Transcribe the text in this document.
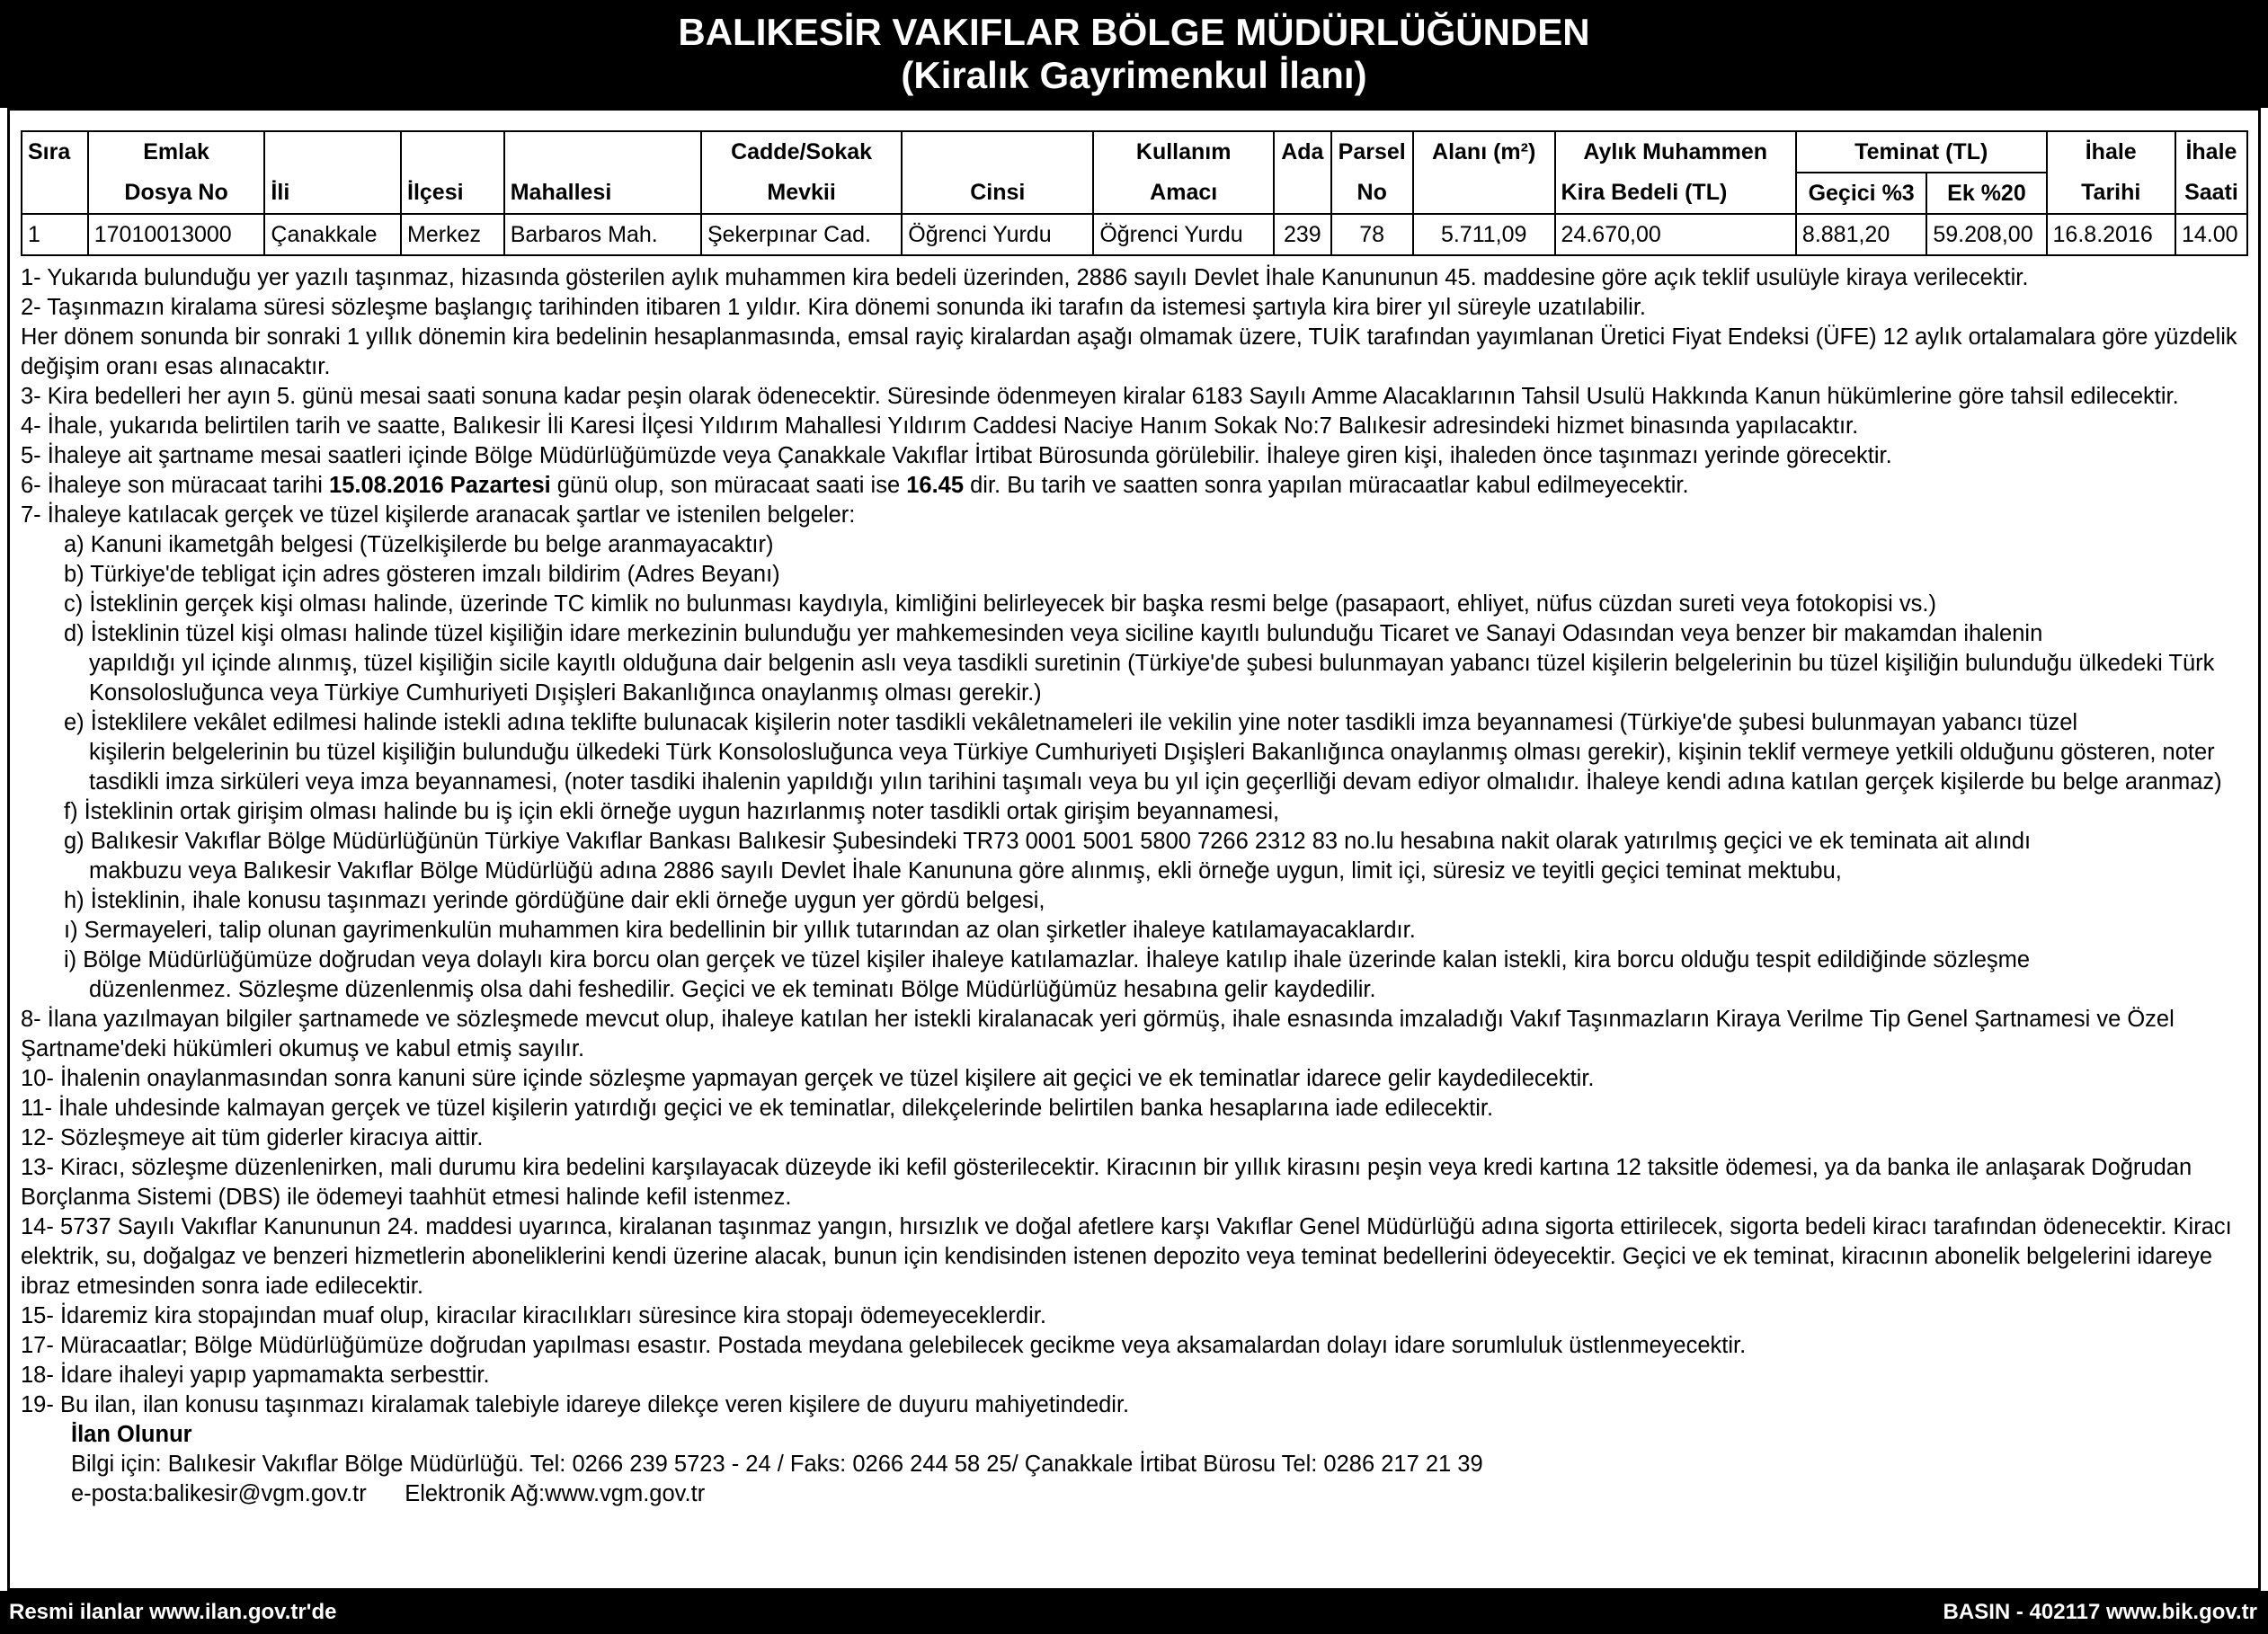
BALIKESİR VAKIFLAR BÖLGE MÜDÜRLÜĞÜNDEN
(Kiralık Gayrimenkul İlanı)
Sıra	Emlak				Cadde/Sokak		Kullanım	Ada	Parsel	Alanı (m²)	Aylık Muhammen	Teminat (TL)		İhale	İhale
	Dosya No	İli	İlçesi	Mahallesi	Mevkii	Cinsi	Amacı		No		Kira Bedeli (TL)	Geçici %3	Ek %20	Tarihi	Saati
1	17010013000	Çanakkale	Merkez	Barbaros Mah.	Şekerpınar Cad.	Öğrenci Yurdu	Öğrenci Yurdu	239	78	5.711,09	24.670,00	8.881,20	59.208,00	16.8.2016	14.00

1- Yukarıda bulunduğu yer yazılı taşınmaz, hizasında gösterilen aylık muhammen kira bedeli üzerinden, 2886 sayılı Devlet İhale Kanununun 45. maddesine göre açık teklif usulüyle kiraya verilecektir.

2- Taşınmazın kiralama süresi sözleşme başlangıç tarihinden itibaren 1 yıldır. Kira dönemi sonunda iki tarafın da istemesi şartıyla kira birer yıl süreyle uzatılabilir.

Her dönem sonunda bir sonraki 1 yıllık dönemin kira bedelinin hesaplanmasında, emsal rayiç kiralardan aşağı olmamak üzere, TUİK tarafından yayımlanan Üretici Fiyat Endeksi (ÜFE) 12 aylık ortalamalara göre yüzdelik değişim oranı esas alınacaktır.

3- Kira bedelleri her ayın 5. günü mesai saati sonuna kadar peşin olarak ödenecektir. Süresinde ödenmeyen kiralar 6183 Sayılı Amme Alacaklarının Tahsil Usulü Hakkında Kanun hükümlerine göre tahsil edilecektir.

4- İhale, yukarıda belirtilen tarih ve saatte, Balıkesir İli Karesi İlçesi Yıldırım Mahallesi Yıldırım Caddesi Naciye Hanım Sokak No:7 Balıkesir adresindeki hizmet binasında yapılacaktır.

5- İhaleye ait şartname mesai saatleri içinde Bölge Müdürlüğümüzde veya Çanakkale Vakıflar İrtibat Bürosunda görülebilir. İhaleye giren kişi, ihaleden önce taşınmazı yerinde görecektir.

6- İhaleye son müracaat tarihi 15.08.2016 Pazartesi günü olup, son müracaat saati ise 16.45 dir. Bu tarih ve saatten sonra yapılan müracaatlar kabul edilmeyecektir.

7- İhaleye katılacak gerçek ve tüzel kişilerde aranacak şartlar ve istenilen belgeler:

a) Kanuni ikametgâh belgesi (Tüzelkişilerde bu belge aranmayacaktır)

b) Türkiye'de tebligat için adres gösteren imzalı bildirim (Adres Beyanı)

c) İsteklinin gerçek kişi olması halinde, üzerinde TC kimlik no bulunması kaydıyla, kimliğini belirleyecek bir başka resmi belge (pasapaort, ehliyet, nüfus cüzdan sureti veya fotokopisi vs.)

d) İsteklinin tüzel kişi olması halinde tüzel kişiliğin idare merkezinin bulunduğu yer mahkemesinden veya siciline kayıtlı bulunduğu Ticaret ve Sanayi Odasından veya benzer bir makamdan ihalenin

yapıldığı yıl içinde alınmış, tüzel kişiliğin sicile kayıtlı olduğuna dair belgenin aslı veya tasdikli suretinin (Türkiye'de şubesi bulunmayan yabancı tüzel kişilerin belgelerinin bu tüzel kişiliğin bulunduğu ülkedeki Türk Konsolosluğunca veya Türkiye Cumhuriyeti Dışişleri Bakanlığınca onaylanmış olması gerekir.)

e) İsteklilere vekâlet edilmesi halinde istekli adına teklifte bulunacak kişilerin noter tasdikli vekâletnameleri ile vekilin yine noter tasdikli imza beyannamesi (Türkiye'de şubesi bulunmayan yabancı tüzel

kişilerin belgelerinin bu tüzel kişiliğin bulunduğu ülkedeki Türk Konsolosluğunca veya Türkiye Cumhuriyeti Dışişleri Bakanlığınca onaylanmış olması gerekir), kişinin teklif vermeye yetkili olduğunu gösteren, noter tasdikli imza sirküleri veya imza beyannamesi, (noter tasdiki ihalenin yapıldığı yılın tarihini taşımalı veya bu yıl için geçerlliği devam ediyor olmalıdır. İhaleye kendi adına katılan gerçek kişilerde bu belge aranmaz)

f) İsteklinin ortak girişim olması halinde bu iş için ekli örneğe uygun hazırlanmış noter tasdikli ortak girişim beyannamesi,

g) Balıkesir Vakıflar Bölge Müdürlüğünün Türkiye Vakıflar Bankası Balıkesir Şubesindeki TR73 0001 5001 5800 7266 2312 83 no.lu hesabına nakit olarak yatırılmış geçici ve ek teminata ait alındı

makbuzu veya Balıkesir Vakıflar Bölge Müdürlüğü adına 2886 sayılı Devlet İhale Kanununa göre alınmış, ekli örneğe uygun, limit içi, süresiz ve teyitli geçici teminat mektubu,

h) İsteklinin, ihale konusu taşınmazı yerinde gördüğüne dair ekli örneğe uygun yer gördü belgesi,

ı) Sermayeleri, talip olunan gayrimenkulün muhammen kira bedellinin bir yıllık tutarından az olan şirketler ihaleye katılamayacaklardır.

i) Bölge Müdürlüğümüze doğrudan veya dolaylı kira borcu olan gerçek ve tüzel kişiler ihaleye katılamazlar. İhaleye katılıp ihale üzerinde kalan istekli, kira borcu olduğu tespit edildiğinde sözleşme

düzenlenmez. Sözleşme düzenlenmiş olsa dahi feshedilir. Geçici ve ek teminatı Bölge Müdürlüğümüz hesabına gelir kaydedilir.

8- İlana yazılmayan bilgiler şartnamede ve sözleşmede mevcut olup, ihaleye katılan her istekli kiralanacak yeri görmüş, ihale esnasında imzaladığı Vakıf Taşınmazların Kiraya Verilme Tip Genel Şartnamesi ve Özel Şartname'deki hükümleri okumuş ve kabul etmiş sayılır.

10- İhalenin onaylanmasından sonra kanuni süre içinde sözleşme yapmayan gerçek ve tüzel kişilere ait geçici ve ek teminatlar idarece gelir kaydedilecektir.

11- İhale uhdesinde kalmayan gerçek ve tüzel kişilerin yatırdığı geçici ve ek teminatlar, dilekçelerinde belirtilen banka hesaplarına iade edilecektir.

12- Sözleşmeye ait tüm giderler kiracıya aittir.

13- Kiracı, sözleşme düzenlenirken, mali durumu kira bedelini karşılayacak düzeyde iki kefil gösterilecektir. Kiracının bir yıllık kirasını peşin veya kredi kartına 12 taksitle ödemesi, ya da banka ile anlaşarak Doğrudan Borçlanma Sistemi (DBS) ile ödemeyi taahhüt etmesi halinde kefil istenmez.

14- 5737 Sayılı Vakıflar Kanununun 24. maddesi uyarınca, kiralanan taşınmaz yangın, hırsızlık ve doğal afetlere karşı Vakıflar Genel Müdürlüğü adına sigorta ettirilecek, sigorta bedeli kiracı tarafından ödenecektir. Kiracı elektrik, su, doğalgaz ve benzeri hizmetlerin aboneliklerini kendi üzerine alacak, bunun için kendisinden istenen depozito veya teminat bedellerini ödeyecektir. Geçici ve ek teminat, kiracının abonelik belgelerini idareye ibraz etmesinden sonra iade edilecektir.

15- İdaremiz kira stopajından muaf olup, kiracılar kiracılıkları süresince kira stopajı ödemeyeceklerdir.

17- Müracaatlar; Bölge Müdürlüğümüze doğrudan yapılması esastır. Postada meydana gelebilecek gecikme veya aksamalardan dolayı idare sorumluluk üstlenmeyecektir.

18- İdare ihaleyi yapıp yapmamakta serbesttir.

19- Bu ilan, ilan konusu taşınmazı kiralamak talebiyle idareye dilekçe veren kişilere de duyuru mahiyetindedir.

İlan Olunur

Bilgi için: Balıkesir Vakıflar Bölge Müdürlüğü. Tel: 0266 239 5723 - 24 / Faks: 0266 244 58 25/ Çanakkale İrtibat Bürosu Tel: 0286 217 21 39

e-posta:balikesir@vgm.gov.tr      Elektronik Ağ:www.vgm.gov.tr

Resmi ilanlar www.ilan.gov.tr'de	BASIN - 402117 www.bik.gov.tr
